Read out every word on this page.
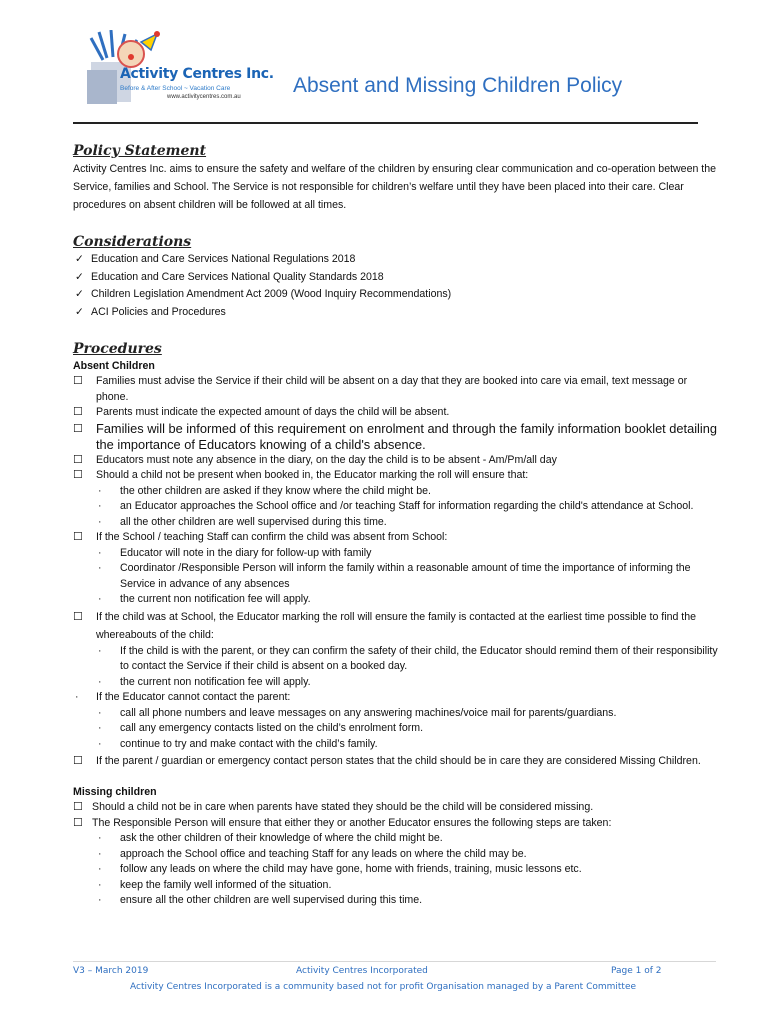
Activity Centres Inc.
Before & After School ~ Vacation Care
www.activitycentres.com.au Absent and Missing Children Policy
Policy Statement

Activity Centres Inc. aims to ensure the safety and welfare of the children by ensuring clear communication and co-operation between the Service, families and School. The Service is not responsible for children’s welfare until they have been placed into their care. Clear procedures on absent children will be followed at all times.

Considerations
✓ Education and Care Services National Regulations 2018
✓ Education and Care Services National Quality Standards 2018
✓ Children Legislation Amendment Act 2009 (Wood Inquiry Recommendations)
✓ ACI Policies and Procedures
Procedures
Absent Children
☐ Families must advise the Service if their child will be absent on a day that they are booked into care via email, text message or phone.
☐ Parents must indicate the expected amount of days the child will be absent.
☐ Families will be informed of this requirement on enrolment and through the family information booklet detailing the importance of Educators knowing of a child's absence.
☐ Educators must note any absence in the diary, on the day the child is to be absent - Am/Pm/all day
☐ Should a child not be present when booked in, the Educator marking the roll will ensure that:
· the other children are asked if they know where the child might be.
· an Educator approaches the School office and /or teaching Staff for information regarding the child's attendance at School.
· all the other children are well supervised during this time.
☐ If the School / teaching Staff can confirm the child was absent from School:
· Educator will note in the diary for follow-up with family
· Coordinator /Responsible Person will inform the family within a reasonable amount of time the importance of informing the Service in advance of any absences
· the current non notification fee will apply.
☐ If the child was at School, the Educator marking the roll will ensure the family is contacted at the earliest time possible to find the whereabouts of the child:
· If the child is with the parent, or they can confirm the safety of their child, the Educator should remind them of their responsibility to contact the Service if their child is absent on a booked day.
· the current non notification fee will apply.
· If the Educator cannot contact the parent:
· call all phone numbers and leave messages on any answering machines/voice mail for parents/guardians.
· call any emergency contacts listed on the child’s enrolment form.
· continue to try and make contact with the child’s family.
☐ If the parent / guardian or emergency contact person states that the child should be in care they are considered Missing Children.
Missing children
☐ Should a child not be in care when parents have stated they should be the child will be considered missing.
☐ The Responsible Person will ensure that either they or another Educator ensures the following steps are taken:
· ask the other children of their knowledge of where the child might be.
· approach the School office and teaching Staff for any leads on where the child may be.
· follow any leads on where the child may have gone, home with friends, training, music lessons etc.
· keep the family well informed of the situation.
· ensure all the other children are well supervised during this time.
V3 – March 2019	Activity Centres Incorporated	Page 1 of 2
Activity Centres Incorporated is a community based not for profit Organisation managed by a Parent Committee
